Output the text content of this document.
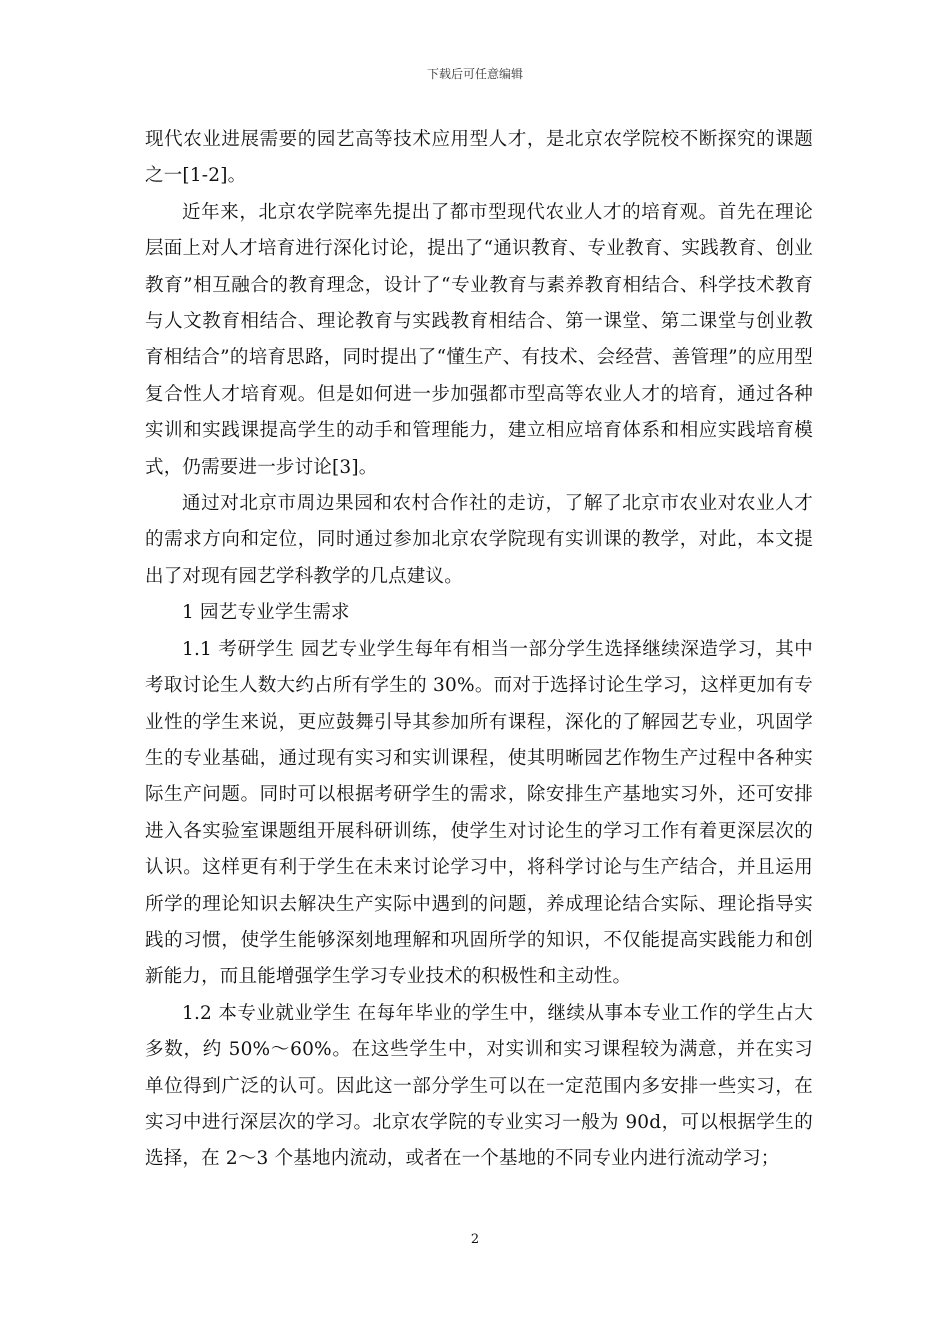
下载后可任意编辑

现代农业进展需要的园艺高等技术应用型人才，是北京农学院校不断探究的课题之一[1-2]。

近年来，北京农学院率先提出了都市型现代农业人才的培育观。首先在理论层面上对人才培育进行深化讨论，提出了“通识教育、专业教育、实践教育、创业教育”相互融合的教育理念，设计了“专业教育与素养教育相结合、科学技术教育与人文教育相结合、理论教育与实践教育相结合、第一课堂、第二课堂与创业教育相结合”的培育思路，同时提出了“懂生产、有技术、会经营、善管理”的应用型复合性人才培育观。但是如何进一步加强都市型高等农业人才的培育，通过各种实训和实践课提高学生的动手和管理能力，建立相应培育体系和相应实践培育模式，仍需要进一步讨论[3]。

通过对北京市周边果园和农村合作社的走访，了解了北京市农业对农业人才的需求方向和定位，同时通过参加北京农学院现有实训课的教学，对此，本文提出了对现有园艺学科教学的几点建议。

1 园艺专业学生需求

1.1 考研学生 园艺专业学生每年有相当一部分学生选择继续深造学习，其中考取讨论生人数大约占所有学生的 30%。而对于选择讨论生学习，这样更加有专业性的学生来说，更应鼓舞引导其参加所有课程，深化的了解园艺专业，巩固学生的专业基础，通过现有实习和实训课程，使其明晰园艺作物生产过程中各种实际生产问题。同时可以根据考研学生的需求，除安排生产基地实习外，还可安排进入各实验室课题组开展科研训练，使学生对讨论生的学习工作有着更深层次的认识。这样更有利于学生在未来讨论学习中，将科学讨论与生产结合，并且运用所学的理论知识去解决生产实际中遇到的问题，养成理论结合实际、理论指导实践的习惯，使学生能够深刻地理解和巩固所学的知识，不仅能提高实践能力和创新能力，而且能增强学生学习专业技术的积极性和主动性。

1.2 本专业就业学生 在每年毕业的学生中，继续从事本专业工作的学生占大多数，约 50%～60%。在这些学生中，对实训和实习课程较为满意，并在实习单位得到广泛的认可。因此这一部分学生可以在一定范围内多安排一些实习，在实习中进行深层次的学习。北京农学院的专业实习一般为 90d，可以根据学生的选择，在 2～3 个基地内流动，或者在一个基地的不同专业内进行流动学习；

2
